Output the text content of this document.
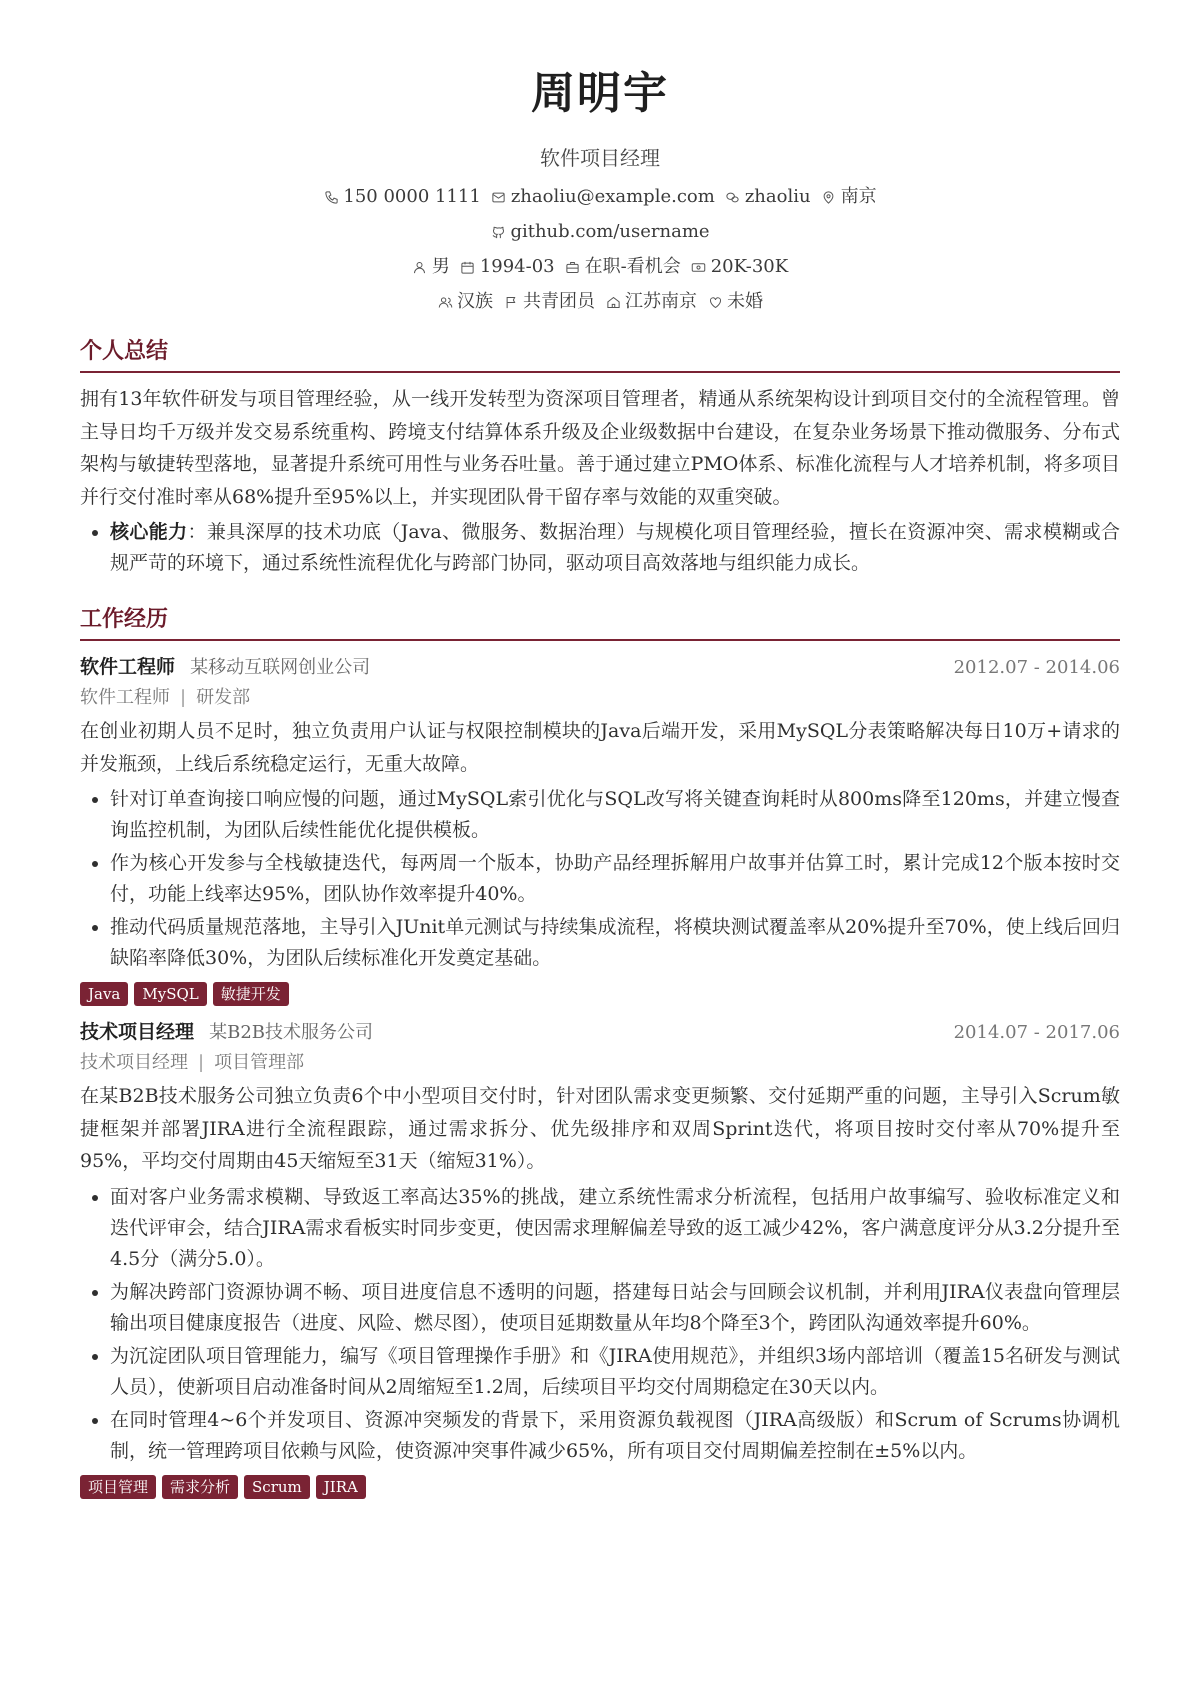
周明宇
软件项目经理
150 0000 1111 zhaoliu@example.com zhaoliu 南京
github.com/username
男 1994-03 在职-看机会 20K-30K
汉族 共青团员 江苏南京 未婚
个人总结

拥有13年软件研发与项目管理经验，从一线开发转型为资深项目管理者，精通从系统架构设计到项目交付的全流程管理。曾主导日均千万级并发交易系统重构、跨境支付结算体系升级及企业级数据中台建设，在复杂业务场景下推动微服务、分布式架构与敏捷转型落地，显著提升系统可用性与业务吞吐量。善于通过建立PMO体系、标准化流程与人才培养机制，将多项目并行交付准时率从68%提升至95%以上，并实现团队骨干留存率与效能的双重突破。

• 核心能力：兼具深厚的技术功底（Java、微服务、数据治理）与规模化项目管理经验，擅长在资源冲突、需求模糊或合规严苛的环境下，通过系统性流程优化与跨部门协同，驱动项目高效落地与组织能力成长。
工作经历
软件工程师 某移动互联网创业公司	2012.07 - 2014.06
软件工程师 | 研发部

在创业初期人员不足时，独立负责用户认证与权限控制模块的Java后端开发，采用MySQL分表策略解决每日10万+请求的并发瓶颈，上线后系统稳定运行，无重大故障。

• 针对订单查询接口响应慢的问题，通过MySQL索引优化与SQL改写将关键查询耗时从800ms降至120ms，并建立慢查询监控机制，为团队后续性能优化提供模板。
• 作为核心开发参与全栈敏捷迭代，每两周一个版本，协助产品经理拆解用户故事并估算工时，累计完成12个版本按时交付，功能上线率达95%，团队协作效率提升40%。
• 推动代码质量规范落地，主导引入JUnit单元测试与持续集成流程，将模块测试覆盖率从20%提升至70%，使上线后回归缺陷率降低30%，为团队后续标准化开发奠定基础。
Java	MySQL	敏捷开发
技术项目经理 某B2B技术服务公司	2014.07 - 2017.06
技术项目经理 | 项目管理部

在某B2B技术服务公司独立负责6个中小型项目交付时，针对团队需求变更频繁、交付延期严重的问题，主导引入Scrum敏捷框架并部署JIRA进行全流程跟踪，通过需求拆分、优先级排序和双周Sprint迭代，将项目按时交付率从70%提升至95%，平均交付周期由45天缩短至31天（缩短31%）。

• 面对客户业务需求模糊、导致返工率高达35%的挑战，建立系统性需求分析流程，包括用户故事编写、验收标准定义和迭代评审会，结合JIRA需求看板实时同步变更，使因需求理解偏差导致的返工减少42%，客户满意度评分从3.2分提升至4.5分（满分5.0）。
• 为解决跨部门资源协调不畅、项目进度信息不透明的问题，搭建每日站会与回顾会议机制，并利用JIRA仪表盘向管理层输出项目健康度报告（进度、风险、燃尽图），使项目延期数量从年均8个降至3个，跨团队沟通效率提升60%。
• 为沉淀团队项目管理能力，编写《项目管理操作手册》和《JIRA使用规范》，并组织3场内部培训（覆盖15名研发与测试人员），使新项目启动准备时间从2周缩短至1.2周，后续项目平均交付周期稳定在30天以内。
• 在同时管理4~6个并发项目、资源冲突频发的背景下，采用资源负载视图（JIRA高级版）和Scrum of Scrums协调机制，统一管理跨项目依赖与风险，使资源冲突事件减少65%，所有项目交付周期偏差控制在±5%以内。
项目管理	需求分析	Scrum	JIRA
